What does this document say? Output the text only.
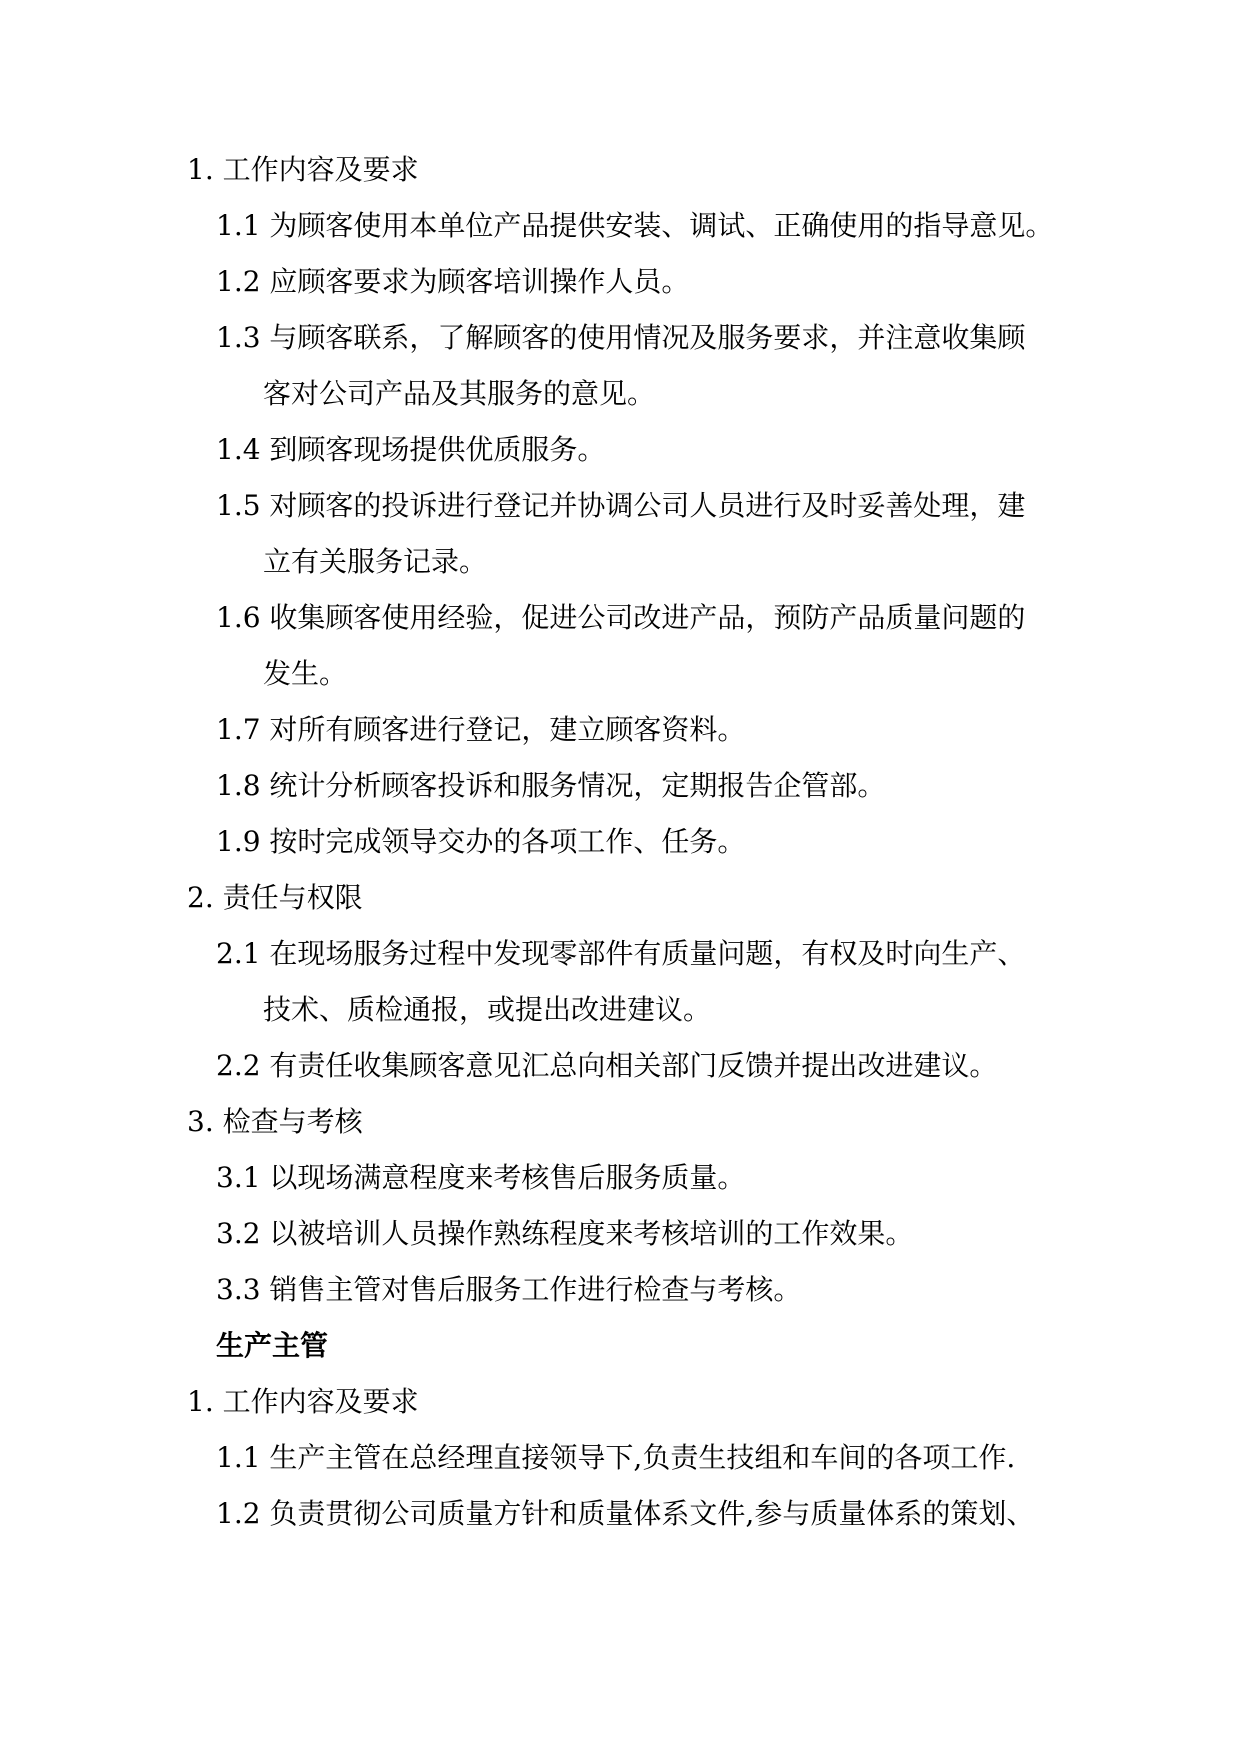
1. 工作内容及要求
1.1 为顾客使用本单位产品提供安装、调试、正确使用的指导意见。
1.2 应顾客要求为顾客培训操作人员。
1.3 与顾客联系，了解顾客的使用情况及服务要求，并注意收集顾
客对公司产品及其服务的意见。
1.4 到顾客现场提供优质服务。
1.5 对顾客的投诉进行登记并协调公司人员进行及时妥善处理，建
立有关服务记录。
1.6 收集顾客使用经验，促进公司改进产品，预防产品质量问题的
发生。
1.7 对所有顾客进行登记，建立顾客资料。
1.8 统计分析顾客投诉和服务情况，定期报告企管部。
1.9 按时完成领导交办的各项工作、任务。
2. 责任与权限
2.1 在现场服务过程中发现零部件有质量问题，有权及时向生产、
技术、质检通报，或提出改进建议。
2.2 有责任收集顾客意见汇总向相关部门反馈并提出改进建议。
3. 检查与考核
3.1 以现场满意程度来考核售后服务质量。
3.2 以被培训人员操作熟练程度来考核培训的工作效果。
3.3 销售主管对售后服务工作进行检查与考核。
生产主管
1. 工作内容及要求
1.1 生产主管在总经理直接领导下,负责生技组和车间的各项工作.
1.2 负责贯彻公司质量方针和质量体系文件,参与质量体系的策划、
